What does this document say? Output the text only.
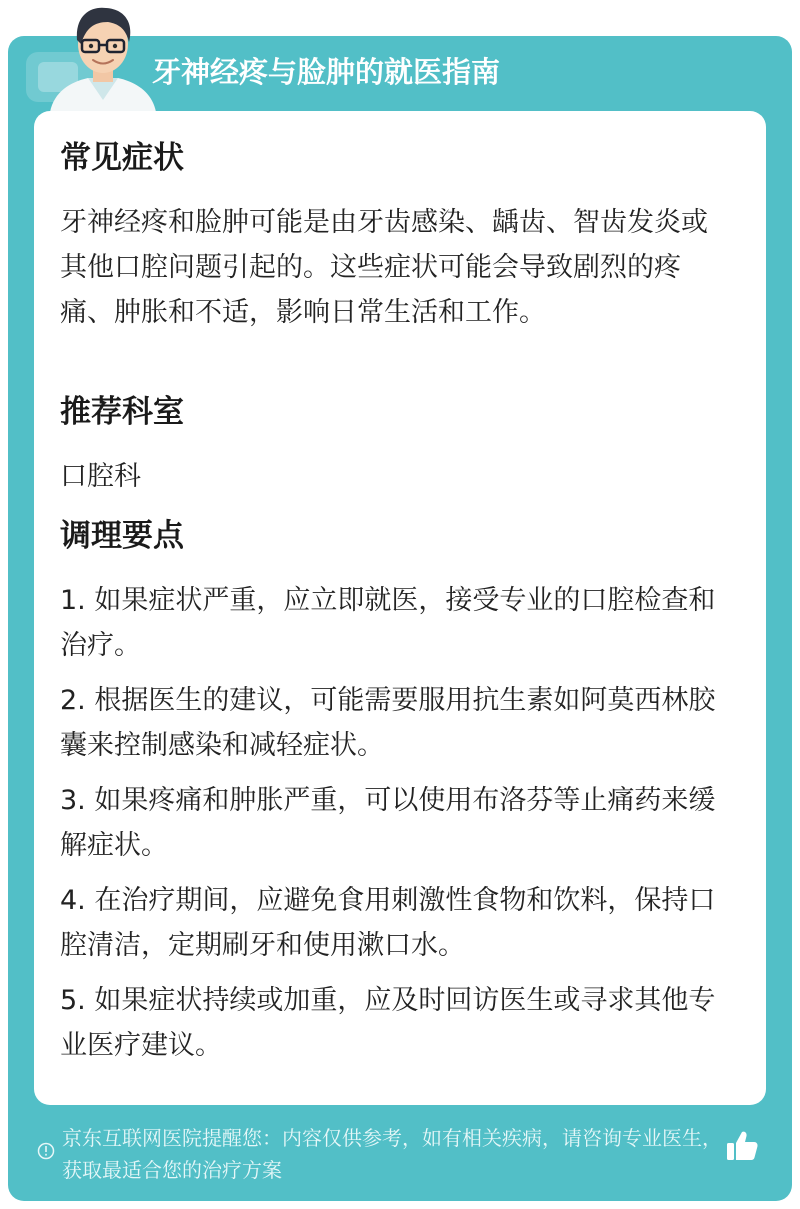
牙神经疼与脸肿的就医指南
常见症状

牙神经疼和脸肿可能是由牙齿感染、龋齿、智齿发炎或其他口腔问题引起的。这些症状可能会导致剧烈的疼痛、肿胀和不适，影响日常生活和工作。

推荐科室

口腔科

调理要点

1. 如果症状严重，应立即就医，接受专业的口腔检查和治疗。

2. 根据医生的建议，可能需要服用抗生素如阿莫西林胶囊来控制感染和减轻症状。

3. 如果疼痛和肿胀严重，可以使用布洛芬等止痛药来缓解症状。

4. 在治疗期间，应避免食用刺激性食物和饮料，保持口腔清洁，定期刷牙和使用漱口水。

5. 如果症状持续或加重，应及时回访医生或寻求其他专业医疗建议。

京东互联网医院提醒您：内容仅供参考，如有相关疾病，请咨询专业医生，获取最适合您的治疗方案
